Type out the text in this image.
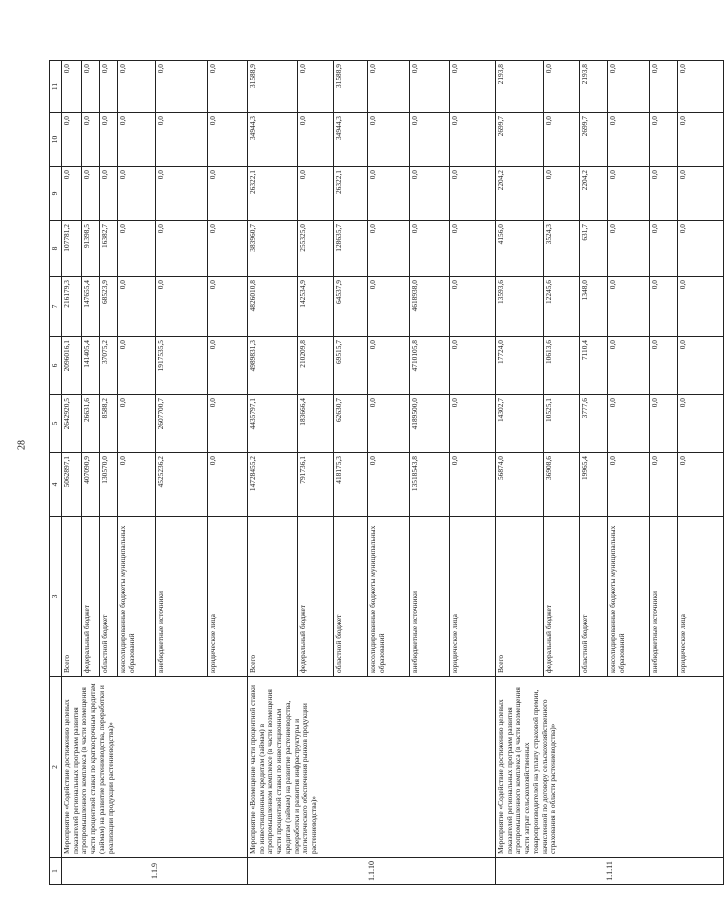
28
1	2	3	4	5	6	7	8	9	10	11
1.1.9	Мероприятие «Содействие достижению целевых показателей региональных программ развития агропромышленного комплекса (в части возмещения части процентной ставки по краткосрочным кредитам (займам) на развитие растениеводства, переработки и реализации продукции растениеводства)»	Всего	5062897,1	2642920,5	2096016,1	216179,3	107781,2	0,0	0,0	0,0
		федеральный бюджет	407090,9	26631,6	141405,4	147655,4	91398,5	0,0	0,0	0,0
		областной бюджет	130570,0	8588,2	37075,2	68523,9	16382,7	0,0	0,0	0,0
		консолидированные бюджеты муниципальных образований	0,0	0,0	0,0	0,0	0,0	0,0	0,0	0,0
		внебюджетные источники	4525236,2	2607700,7	1917535,5	0,0	0,0	0,0	0,0	0,0
		юридические лица	0,0	0,0	0,0	0,0	0,0	0,0	0,0	0,0
1.1.10	Мероприятие «Возмещение части процентной ставки по инвестиционным кредитам (займам) в агропромышленном комплексе (в части возмещения части процентной ставки по инвестиционным кредитам (займам) на развитие растениеводства, переработки и развития инфраструктуры и логистического обеспечения рынков продукции растениеводства)»	Всего	14728455,2	4435797,1	4989831,3	4826010,8	383960,7	26322,1	34944,3	31588,9
		федеральный бюджет	791736,1	183666,4	210209,8	142534,9	255325,0	0,0	0,0	0,0
		областной бюджет	418175,3	62630,7	69515,7	64537,9	128635,7	26322,1	34944,3	31588,9
		консолидированные бюджеты муниципальных образований	0,0	0,0	0,0	0,0	0,0	0,0	0,0	0,0
		внебюджетные источники	13518543,8	4189500,0	4710105,8	4618938,0	0,0	0,0	0,0	0,0
		юридические лица	0,0	0,0	0,0	0,0	0,0	0,0	0,0	0,0
1.1.11	Мероприятие «Содействие достижению целевых показателей региональных программ развития агропромышленного комплекса (в части возмещения части затрат сельскохозяйственных товаропроизводителей на уплату страховой премии, начисленной по договору сельскохозяйственного страхования в области растениеводства)»	Всего	56874,0	14302,7	17724,0	13593,6	4156,0	2204,2	2699,7	2193,8
		федеральный бюджет	36908,6	10525,1	10613,6	12245,6	3524,3	0,0	0,0	0,0
		областной бюджет	19965,4	3777,6	7110,4	1348,0	631,7	2204,2	2699,7	2193,8
		консолидированные бюджеты муниципальных образований	0,0	0,0	0,0	0,0	0,0	0,0	0,0	0,0
		внебюджетные источники	0,0	0,0	0,0	0,0	0,0	0,0	0,0	0,0
		юридические лица	0,0	0,0	0,0	0,0	0,0	0,0	0,0	0,0
